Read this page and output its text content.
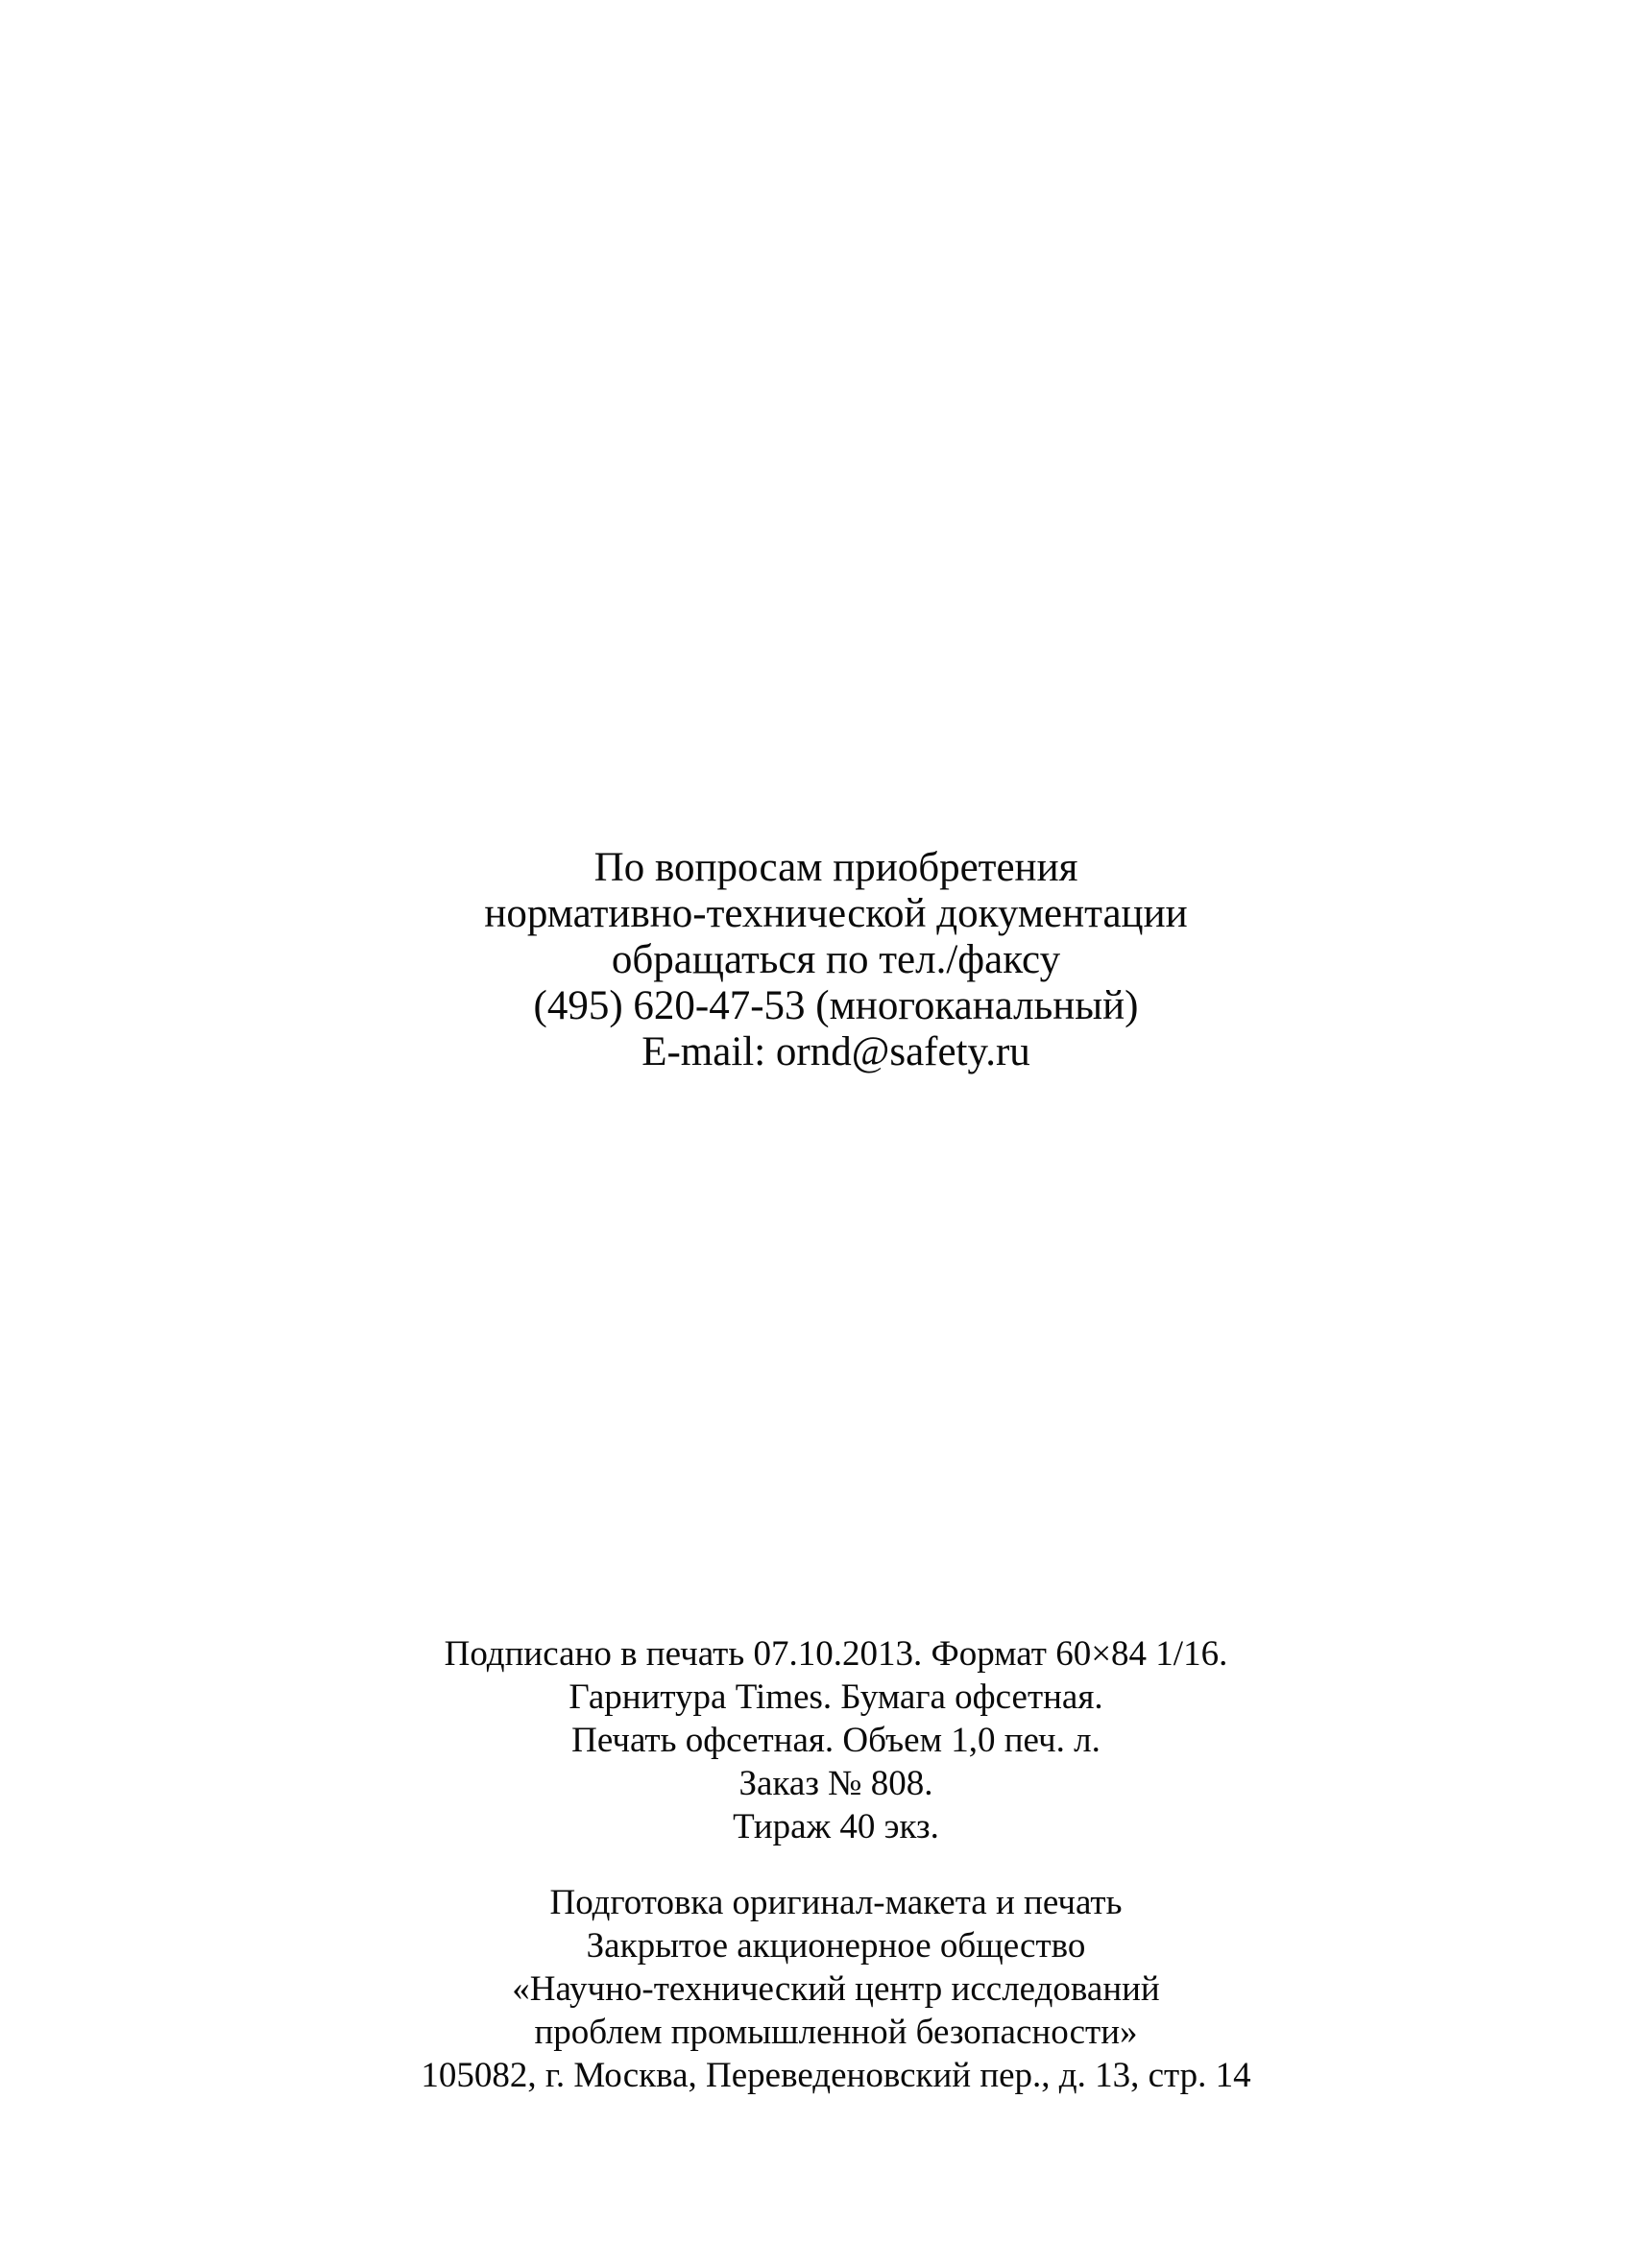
По вопросам приобретения

нормативно-технической документации

обращаться по тел./факсу

(495) 620-47-53 (многоканальный)

E-mail: ornd@safety.ru

Подписано в печать 07.10.2013. Формат 60×84 1/16.

Гарнитура Times. Бумага офсетная.

Печать офсетная. Объем 1,0 печ. л.

Заказ № 808.

Тираж 40 экз.

Подготовка оригинал-макета и печать

Закрытое акционерное общество

«Научно-технический центр исследований

проблем промышленной безопасности»

105082, г. Москва, Переведеновский пер., д. 13, стр. 14
